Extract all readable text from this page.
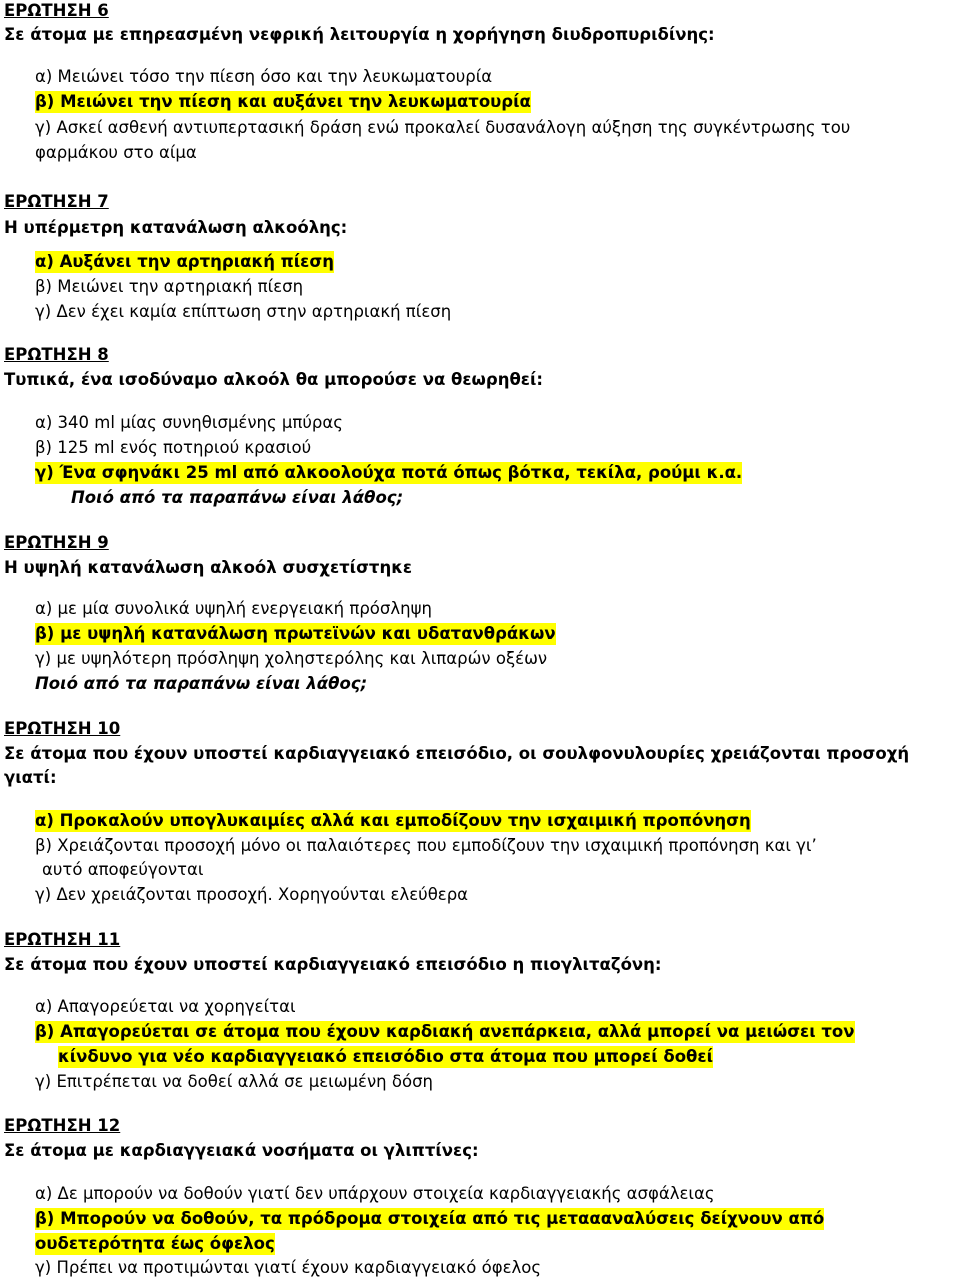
ΕΡΩΤΗΣΗ 6
Σε άτομα με επηρεασμένη νεφρική λειτουργία η χορήγηση διυδροπυριδίνης:
α) Μειώνει τόσο την πίεση όσο και την λευκωματουρία
β) Μειώνει την πίεση και αυξάνει την λευκωματουρία
γ) Ασκεί ασθενή αντιυπερτασική δράση ενώ προκαλεί δυσανάλογη αύξηση της συγκέντρωσης του
φαρμάκου στο αίμα
ΕΡΩΤΗΣΗ 7
Η υπέρμετρη κατανάλωση αλκοόλης:
α) Αυξάνει την αρτηριακή πίεση
β) Μειώνει την αρτηριακή πίεση
γ) Δεν έχει καμία επίπτωση στην αρτηριακή πίεση
ΕΡΩΤΗΣΗ 8
Τυπικά, ένα ισοδύναμο αλκοόλ θα μπορούσε να θεωρηθεί:
α) 340 ml μίας συνηθισμένης μπύρας
β) 125 ml ενός ποτηριού κρασιού
γ) Ένα σφηνάκι 25 ml από αλκοολούχα ποτά όπως βότκα, τεκίλα, ρούμι κ.α.
Ποιό από τα παραπάνω είναι λάθος;
ΕΡΩΤΗΣΗ 9
Η υψηλή κατανάλωση αλκοόλ συσχετίστηκε
α) με μία συνολικά υψηλή ενεργειακή πρόσληψη
β) με υψηλή κατανάλωση πρωτεϊνών και υδατανθράκων
γ) με υψηλότερη πρόσληψη χοληστερόλης και λιπαρών οξέων
Ποιό από τα παραπάνω είναι λάθος;
ΕΡΩΤΗΣΗ 10
Σε άτομα που έχουν υποστεί καρδιαγγειακό επεισόδιο, οι σουλφονυλουρίες χρειάζονται προσοχή
γιατί:
α) Προκαλούν υπογλυκαιμίες αλλά και εμποδίζουν την ισχαιμική προπόνηση
β) Χρειάζονται προσοχή μόνο οι παλαιότερες που εμποδίζουν την ισχαιμική προπόνηση και γι’
αυτό αποφεύγονται
γ) Δεν χρειάζονται προσοχή. Χορηγούνται ελεύθερα
ΕΡΩΤΗΣΗ 11
Σε άτομα που έχουν υποστεί καρδιαγγειακό επεισόδιο η πιογλιταζόνη:
α) Απαγορεύεται να χορηγείται
β) Απαγορεύεται σε άτομα που έχουν καρδιακή ανεπάρκεια, αλλά μπορεί να μειώσει τον
κίνδυνο για νέο καρδιαγγειακό επεισόδιο στα άτομα που μπορεί δοθεί
γ) Επιτρέπεται να δοθεί αλλά σε μειωμένη δόση
ΕΡΩΤΗΣΗ 12
Σε άτομα με καρδιαγγειακά νοσήματα οι γλιπτίνες:
α) Δε μπορούν να δοθούν γιατί δεν υπάρχουν στοιχεία καρδιαγγειακής ασφάλειας
β) Μπορούν να δοθούν, τα πρόδρομα στοιχεία από τις μεταααναλύσεις δείχνουν από
ουδετερότητα έως όφελος
γ) Πρέπει να προτιμώνται γιατί έχουν καρδιαγγειακό όφελος
